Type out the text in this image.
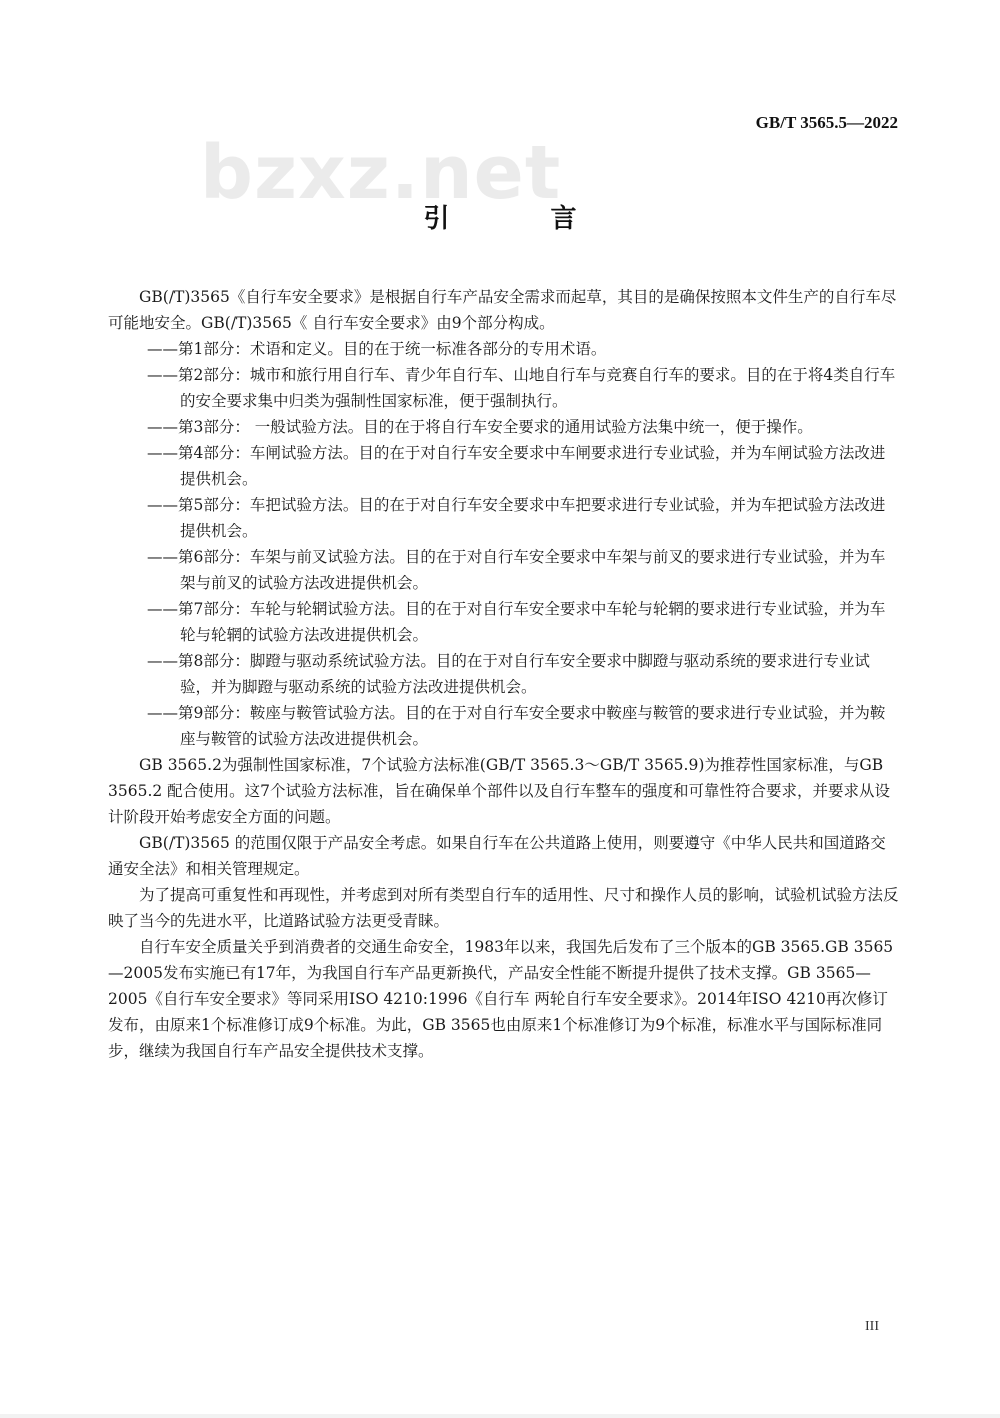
GB/T 3565.5—2022
bzxz.net
引 言

GB(/T)3565《自行车安全要求》是根据自行车产品安全需求而起草，其目的是确保按照本文件生产的自行车尽可能地安全。GB(/T)3565《 自行车安全要求》由9个部分构成。

——第1部分：术语和定义。目的在于统一标准各部分的专用术语。
——第2部分：城市和旅行用自行车、青少年自行车、山地自行车与竞赛自行车的要求。目的在于将4类自行车的安全要求集中归类为强制性国家标准，便于强制执行。
——第3部分： 一般试验方法。目的在于将自行车安全要求的通用试验方法集中统一，便于操作。
——第4部分：车闸试验方法。目的在于对自行车安全要求中车闸要求进行专业试验，并为车闸试验方法改进提供机会。
——第5部分：车把试验方法。目的在于对自行车安全要求中车把要求进行专业试验，并为车把试验方法改进提供机会。
——第6部分：车架与前叉试验方法。目的在于对自行车安全要求中车架与前叉的要求进行专业试验，并为车架与前叉的试验方法改进提供机会。
——第7部分：车轮与轮辋试验方法。目的在于对自行车安全要求中车轮与轮辋的要求进行专业试验，并为车轮与轮辋的试验方法改进提供机会。
——第8部分：脚蹬与驱动系统试验方法。目的在于对自行车安全要求中脚蹬与驱动系统的要求进行专业试验，并为脚蹬与驱动系统的试验方法改进提供机会。
——第9部分：鞍座与鞍管试验方法。目的在于对自行车安全要求中鞍座与鞍管的要求进行专业试验，并为鞍座与鞍管的试验方法改进提供机会。

GB 3565.2为强制性国家标准，7个试验方法标准(GB/T 3565.3～GB/T 3565.9)为推荐性国家标准，与GB 3565.2 配合使用。这7个试验方法标准，旨在确保单个部件以及自行车整车的强度和可靠性符合要求，并要求从设计阶段开始考虑安全方面的问题。

GB(/T)3565 的范围仅限于产品安全考虑。如果自行车在公共道路上使用，则要遵守《中华人民共和国道路交通安全法》和相关管理规定。

为了提高可重复性和再现性，并考虑到对所有类型自行车的适用性、尺寸和操作人员的影响，试验机试验方法反映了当今的先进水平，比道路试验方法更受青睐。

自行车安全质量关乎到消费者的交通生命安全，1983年以来，我国先后发布了三个版本的GB 3565.GB 3565—2005发布实施已有17年，为我国自行车产品更新换代，产品安全性能不断提升提供了技术支撑。GB 3565—2005《自行车安全要求》等同采用ISO 4210:1996《自行车 两轮自行车安全要求》。2014年ISO 4210再次修订发布，由原来1个标准修订成9个标准。为此，GB 3565也由原来1个标准修订为9个标准，标准水平与国际标准同步，继续为我国自行车产品安全提供技术支撑。

III
